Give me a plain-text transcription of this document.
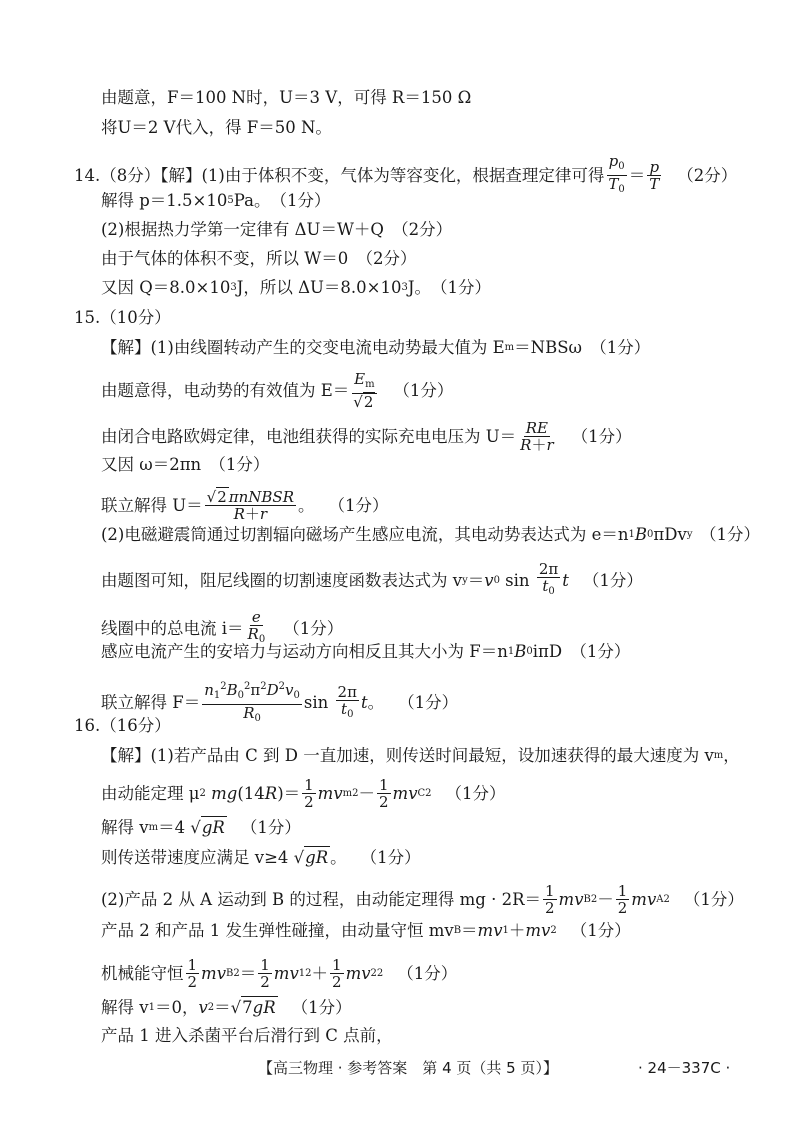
由题意，F＝100 N时，U＝3 V，可得 R＝150 Ω
将U＝2 V代入，得 F＝50 N。
14.（8分）【解】(1)由于体积不变，气体为等容变化，根据查理定律可得 $\frac{p_0}{T_0} = \frac{p}{T} (2$分）
解得 p＝1.5×10 5 Pa。　（1分）
(2)根据热力学第一定律有 ΔU＝W＋Q　（2分）
由于气体的体积不变，所以 W＝0　（2分）
又因 Q＝8.0×10 3 J，所以 ΔU＝8.0×10 3 J。　（1分）
15.（10分）
【解】(1)由线圈转动产生的交变电流电动势最大值为 E m ＝NBSω　（1分）
由题意得，电动势的有效值为 $E= \frac{E_m}{√2} (1$分）
由闭合电路欧姆定律，电池组获得的实际充电电压为 $U= \frac{RE}{R+r} (1$分）
又因 ω＝2πn　（1分）
联立解得 $U= \frac{\text{√2 πnNBSR}}{R+r}$ 。 （1分）
(2)电磁避震筒通过切割辐向磁场产生感应电流，其电动势表达式为 e＝n 1 B 0 πDv y （1分）
由题图可知，阻尼线圈的切割速度函数表达式为 v y ＝ v 0 $\sin \frac{2\pi}{t_0}$ t （1分）
线圈中的总电流 $i= \frac{e}{R_0} (1$分）
感应电流产生的安培力与运动方向相反且其大小为 F＝n 1 B 0 iπD　（1分）
联立解得 $F= \frac{n_1^2B_0^2\pi^2D^2v_0}{R_0}$ $\sin \frac{2\pi}{t_0}$ t 。 （1分）
16.（16分）
【解】(1)若产品由 C 到 D 一直加速，则传送时间最短，设加速获得的最大速度为 v m ，
由动能定理 μ 2
mg (14 R )＝ $\frac{1}{2}$ mv m $2 - \frac{1}{2}$ mv C 2 （1分）
解得 v m ＝4 √ gR （1分）
则传送带速度应满足 v≥4 √ gR 。 （1分）
(2)产品 2 从 A 运动到 B 的过程，由动能定理得 mg · $2R= \frac{1}{2}$ mv B $2 - \frac{1}{2}$ mv A 2 （1分）
产品 2 和产品 1 发生弹性碰撞，由动量守恒 mv B ＝ mv 1 ＋ mv 2 （1分）
机械能守恒 $\frac{1}{2}$ mv B $2 = \frac{1}{2}$ mv 1 $2 + \frac{1}{2}$ mv 2 2 （1分）
解得 v 1 ＝0， v 2 ＝√ 7gR （1分）
产品 1 进入杀菌平台后滑行到 C 点前，
【高三物理 · 参考答案　第 4 页（共 5 页）】	· 24－337C ·
